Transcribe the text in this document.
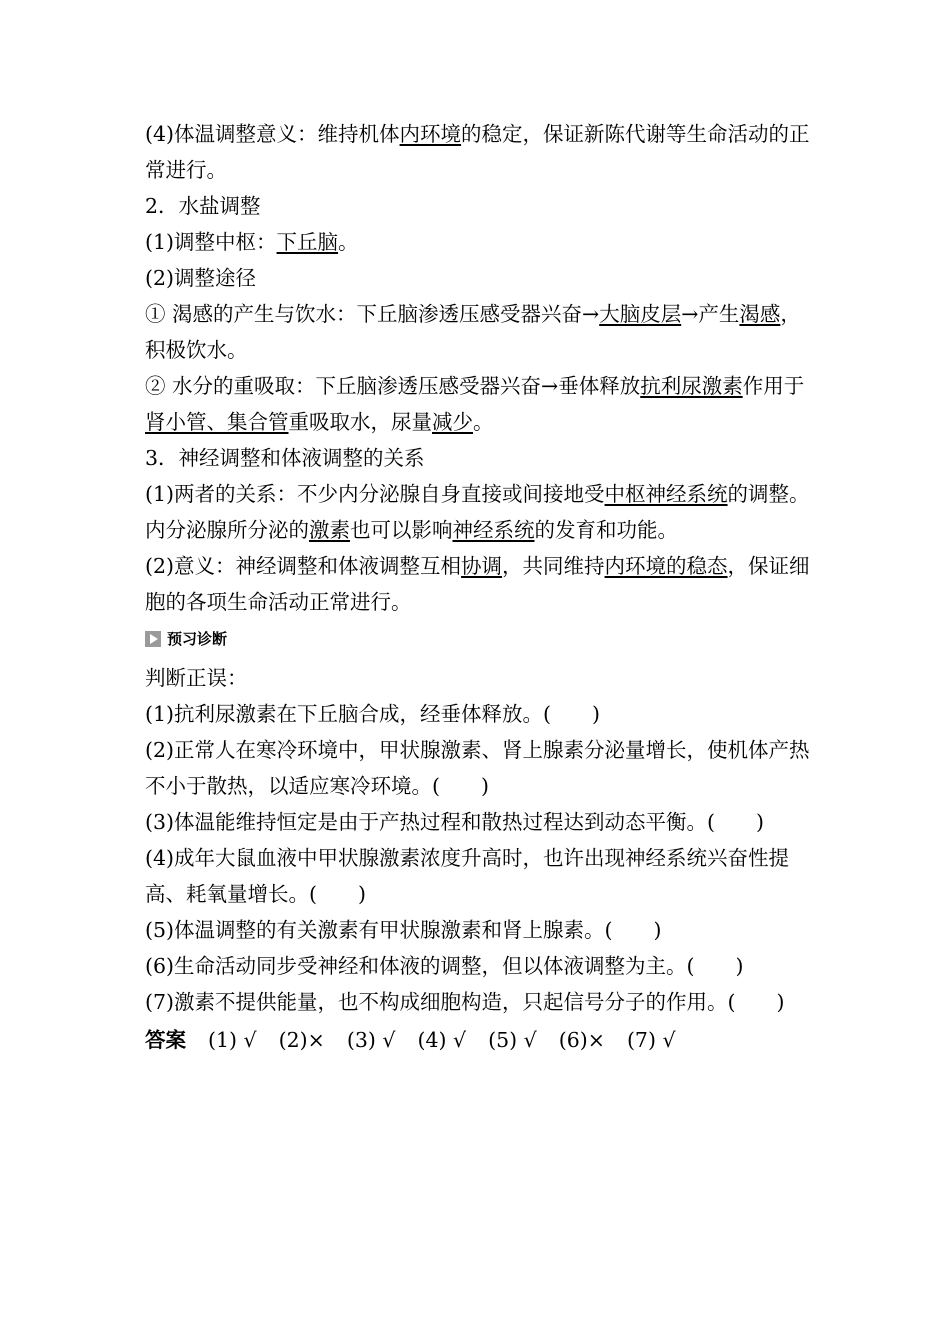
(4)体温调整意义：维持机体内环境的稳定，保证新陈代谢等生命活动的正常进行。

2．水盐调整

(1)调整中枢：下丘脑。

(2)调整途径

① 渴感的产生与饮水：下丘脑渗透压感受器兴奋→大脑皮层→产生渴感，积极饮水。

② 水分的重吸取：下丘脑渗透压感受器兴奋→垂体释放抗利尿激素作用于肾小管、集合管重吸取水，尿量减少。

3．神经调整和体液调整的关系

(1)两者的关系：不少内分泌腺自身直接或间接地受中枢神经系统的调整。内分泌腺所分泌的激素也可以影响神经系统的发育和功能。

(2)意义：神经调整和体液调整互相协调，共同维持内环境的稳态，保证细胞的各项生命活动正常进行。

预习诊断

判断正误：

(1)抗利尿激素在下丘脑合成，经垂体释放。(　　)

(2)正常人在寒冷环境中，甲状腺激素、肾上腺素分泌量增长，使机体产热不小于散热，以适应寒冷环境。(　　)

(3)体温能维持恒定是由于产热过程和散热过程达到动态平衡。(　　)

(4)成年大鼠血液中甲状腺激素浓度升高时，也许出现神经系统兴奋性提高、耗氧量增长。(　　)

(5)体温调整的有关激素有甲状腺激素和肾上腺素。(　　)

(6)生命活动同步受神经和体液的调整，但以体液调整为主。(　　)

(7)激素不提供能量，也不构成细胞构造，只起信号分子的作用。(　　)

答案 (1) √ (2)× (3) √ (4) √ (5) √ (6)× (7) √
